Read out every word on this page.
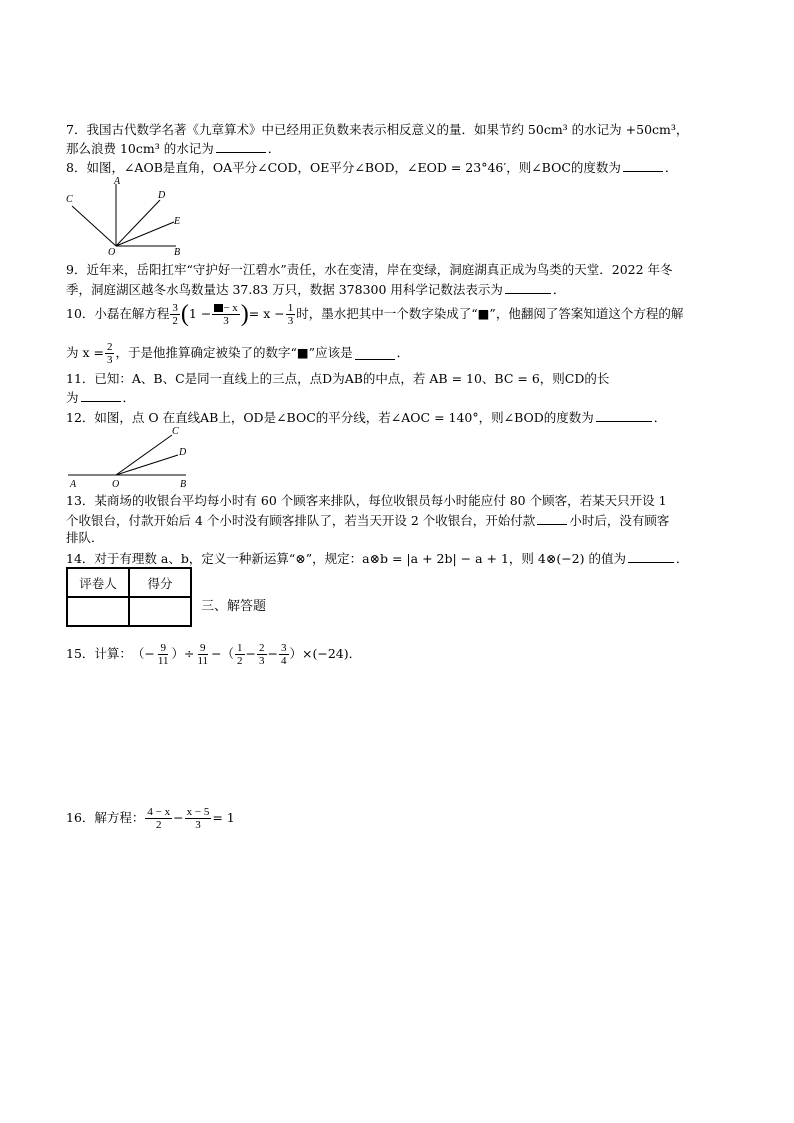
7．我国古代数学名著《九章算术》中已经用正负数来表示相反意义的量．如果节约 50cm³ 的水记为 +50cm³，
那么浪费 10cm³ 的水记为	．
8．如图，∠AOB是直角，OA平分∠COD，OE平分∠BOD，∠EOD = 23°46′，则∠BOC的度数为	．
A
C	D
E
O	B
9．近年来，岳阳扛牢“守护好一江碧水”责任，水在变清，岸在变绿，洞庭湖真正成为鸟类的天堂．2022 年冬
季，洞庭湖区越冬水鸟数量达 37.83 万只，数据 378300 用科学记数法表示为	．
10．小磊在解方程 $\frac{3}{2}$ ( $1 - \frac{- x}{3}$ ) = $x - \frac{1}{3}$ 时，墨水把其中一个数字染成了“■”，他翻阅了答案知道这个方程的解
为 $x = \frac{2}{3}$ ，于是他推算确定被染了的数字“■”应该是	．
11．已知：A、B、C是同一直线上的三点，点D为AB的中点，若 AB = 10、BC = 6，则CD的长
为	．
12．如图，点 O 在直线AB上，OD是∠BOC的平分线，若∠AOC = 140°，则∠BOD的度数为	．
A	O	B
C
D
13．某商场的收银台平均每小时有 60 个顾客来排队，每位收银员每小时能应付 80 个顾客，若某天只开设 1
个收银台，付款开始后 4 个小时没有顾客排队了，若当天开设 2 个收银台，开始付款	小时后，没有顾客
排队．
14．对于有理数 a、b，定义一种新运算“⊗”，规定：a⊗b = |a + 2b| − a + 1，则 4⊗(−2) 的值为	．
评卷人	得分

三、解答题
15．计算： （− $\frac{9}{11}$ ）÷ $\frac{9}{11}$ −（ $\frac{1}{2} - \frac{2}{3} - \frac{3}{4} )\times(-24)$．
16．解方程： $\frac{4 - x}{2} - \frac{x - 5}{3} = 1$
